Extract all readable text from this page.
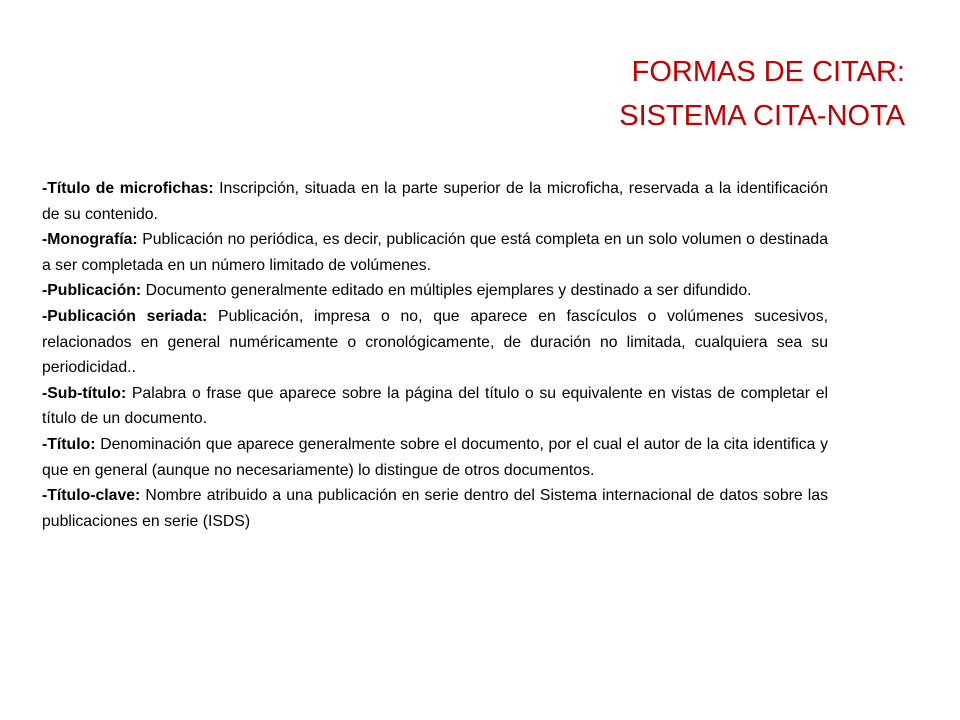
FORMAS DE CITAR:
SISTEMA CITA-NOTA

-Título de microfichas: Inscripción, situada en la parte superior de la microficha, reservada a la identificación de su contenido.

-Monografía: Publicación no periódica, es decir, publicación que está completa en un solo volumen o destinada a ser completada en un número limitado de volúmenes.

-Publicación: Documento generalmente editado en múltiples ejemplares y destinado a ser difundido.

-Publicación seriada: Publicación, impresa o no, que aparece en fascículos o volúmenes sucesivos, relacionados en general numéricamente o cronológicamente, de duración no limitada, cualquiera sea su periodicidad..

-Sub-título: Palabra o frase que aparece sobre la página del título o su equivalente en vistas de completar el título de un documento.

-Título: Denominación que aparece generalmente sobre el documento, por el cual el autor de la cita identifica y que en general (aunque no necesariamente) lo distingue de otros documentos.

-Título-clave: Nombre atribuido a una publicación en serie dentro del Sistema internacional de datos sobre las publicaciones en serie (ISDS)
